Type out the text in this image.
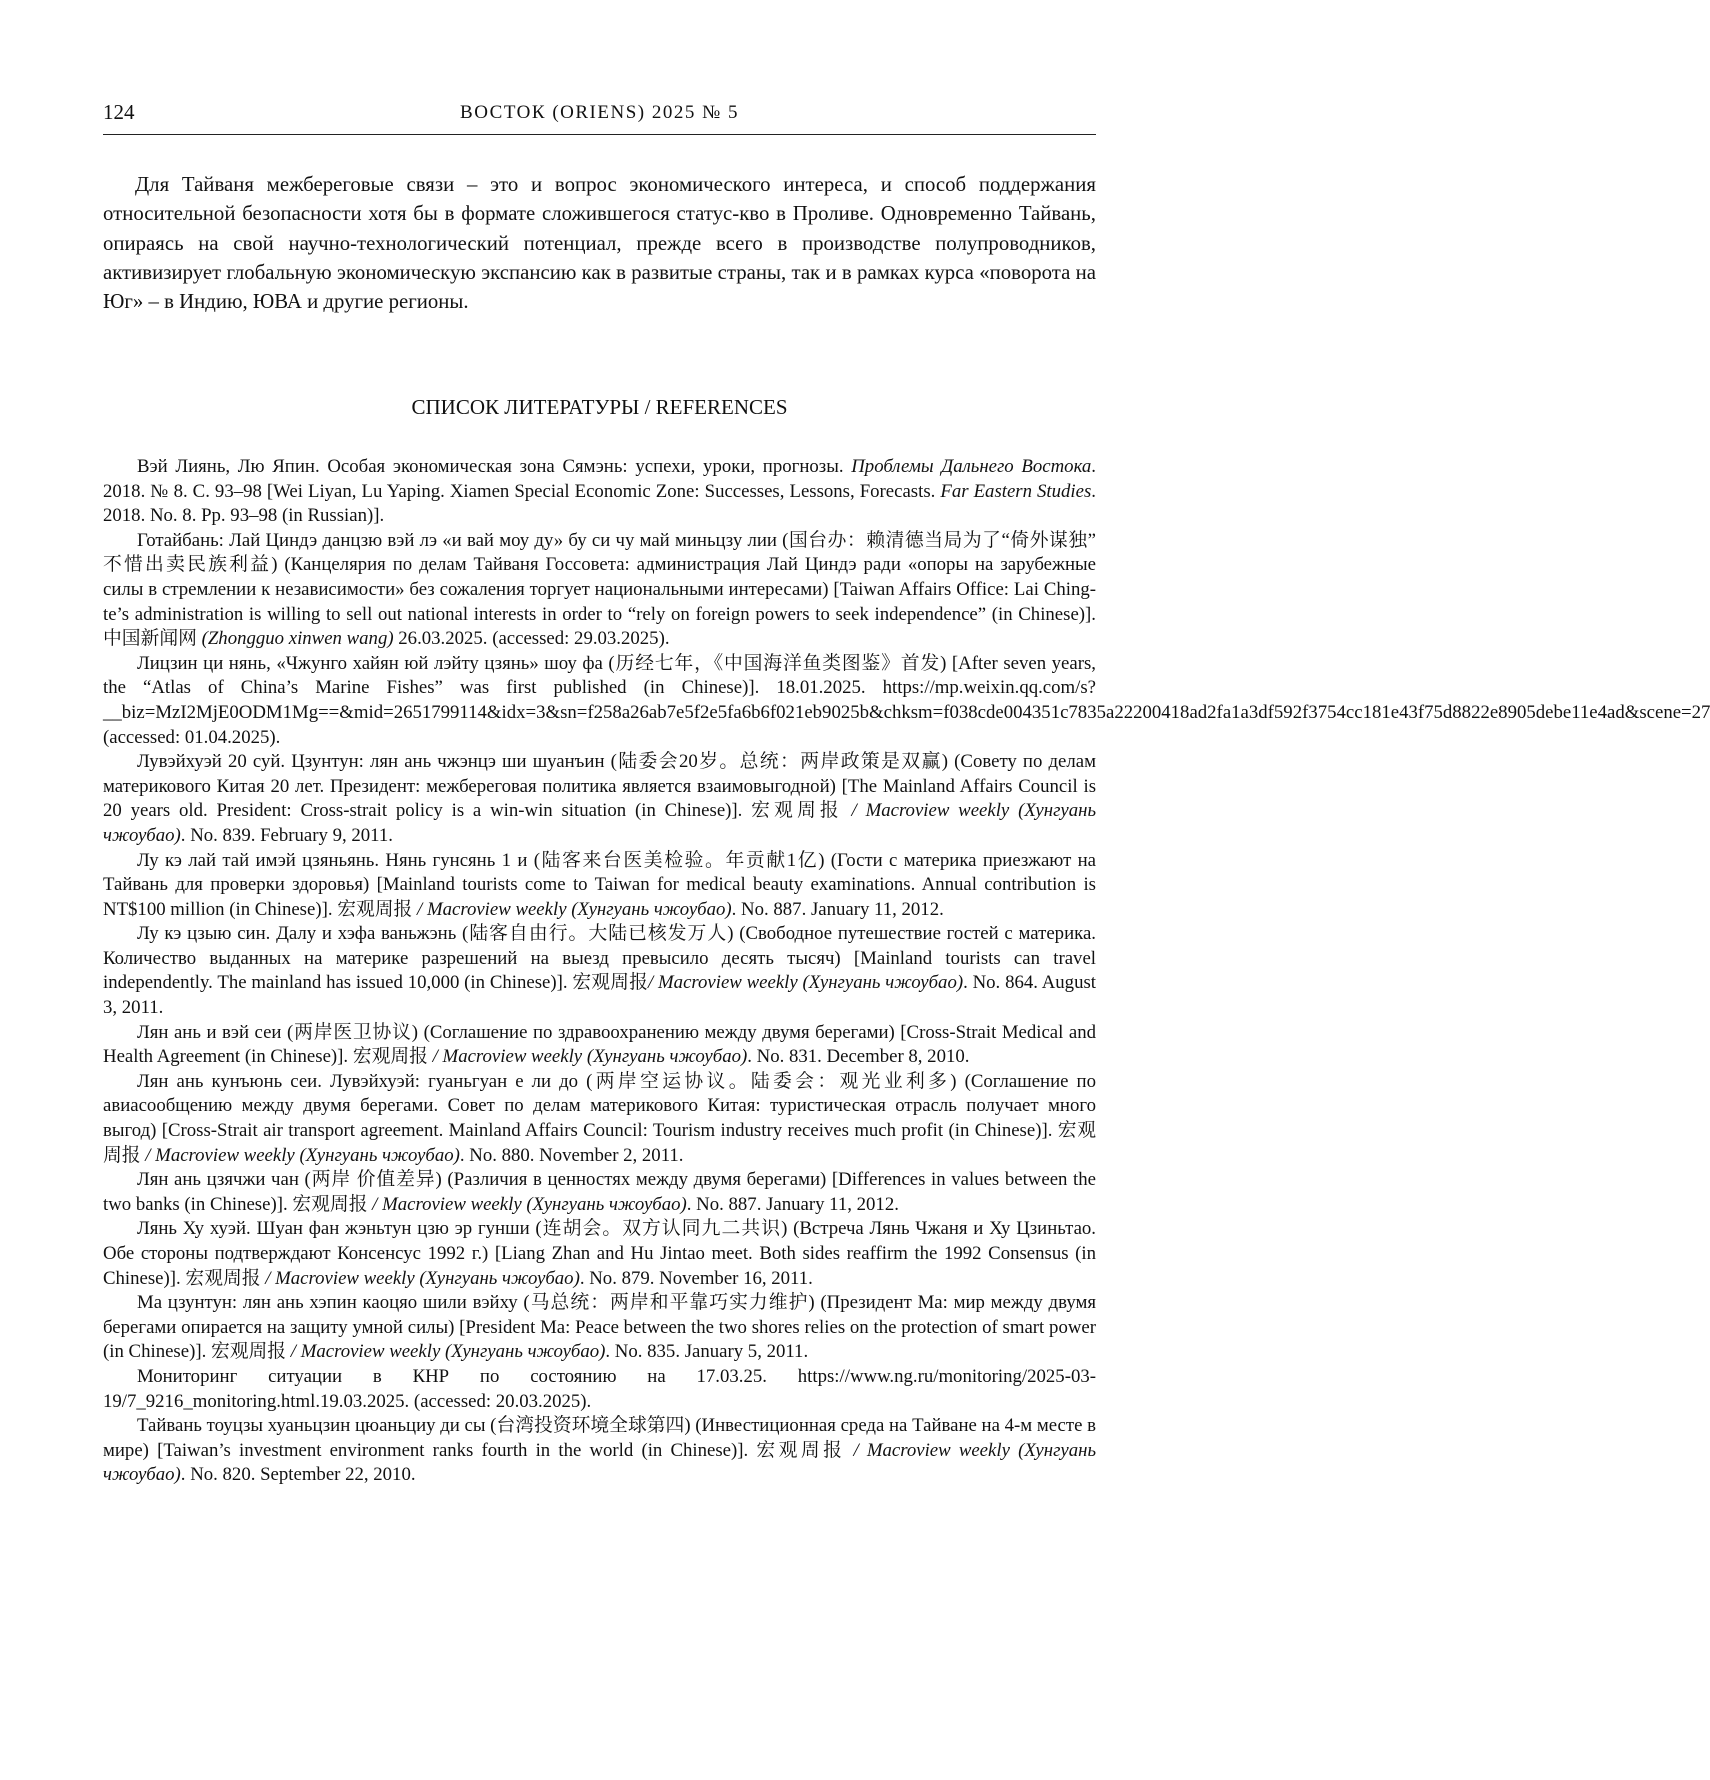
124	ВОСТОК (ORIENS) 2025 № 5

Для Тайваня межбереговые связи – это и вопрос экономического интереса, и способ поддержания относительной безопасности хотя бы в формате сложившегося статус-кво в Проливе. Одновременно Тайвань, опираясь на свой научно-технологический потенциал, прежде всего в производстве полупроводников, активизирует глобальную экономическую экспансию как в развитые страны, так и в рамках курса «поворота на Юг» – в Индию, ЮВА и другие регионы.

СПИСОК ЛИТЕРАТУРЫ / REFERENCES
Вэй Лиянь, Лю Япин. Особая экономическая зона Сямэнь: успехи, уроки, прогнозы. Проблемы Дальнего Востока. 2018. № 8. С. 93–98 [Wei Liyan, Lu Yaping. Xiamen Special Economic Zone: Successes, Lessons, Forecasts. Far Eastern Studies. 2018. No. 8. Pp. 93–98 (in Russian)].
Готайбань: Лай Циндэ данцзю вэй лэ «и вай моу ду» бу си чу май миньцзу лии (国台办：赖清德当局为了“倚外谋独” 不惜出卖民族利益) (Канцелярия по делам Тайваня Госсовета: администрация Лай Циндэ ради «опоры на зарубежные силы в стремлении к независимости» без сожаления торгует национальными интересами) [Taiwan Affairs Office: Lai Ching-te’s administration is willing to sell out national interests in order to “rely on foreign powers to seek independence” (in Chinese)]. 中国新闻网 (Zhongguo xinwen wang) 26.03.2025. (accessed: 29.03.2025).
Лицзин ци нянь, «Чжунго хайян юй лэйту цзянь» шоу фа (历经七年，《中国海洋鱼类图鉴》首发) [After seven years, the “Atlas of China’s Marine Fishes” was first published (in Chinese)]. 18.01.2025. https://mp.weixin.qq.com/s?__biz=MzI2MjE0ODM1Mg==&mid=2651799114&idx=3&sn=f258a26ab7e5f2e5fa6b6f021eb9025b&chksm=f038cde004351c7835a22200418ad2fa1a3df592f3754cc181e43f75d8822e8905debe11e4ad&scene=27 (accessed: 01.04.2025).
Лувэйхуэй 20 суй. Цзунтун: лян ань чжэнцэ ши шуанъин (陆委会20岁。总统：两岸政策是双赢) (Совету по делам материкового Китая 20 лет. Президент: межбереговая политика является взаимовыгодной) [The Mainland Affairs Council is 20 years old. President: Cross-strait policy is a win-win situation (in Chinese)]. 宏观周报 / Macroview weekly (Хунгуань чжоубао). No. 839. February 9, 2011.
Лу кэ лай тай имэй цзяньянь. Нянь гунсянь 1 и (陆客来台医美检验。年贡献1亿) (Гости с материка приезжают на Тайвань для проверки здоровья) [Mainland tourists come to Taiwan for medical beauty examinations. Annual contribution is NT$100 million (in Chinese)]. 宏观周报 / Macroview weekly (Хунгуань чжоубао). No. 887. January 11, 2012.
Лу кэ цзыю син. Далу и хэфа ваньжэнь (陆客自由行。大陆已核发万人) (Свободное путешествие гостей с материка. Количество выданных на материке разрешений на выезд превысило десять тысяч) [Mainland tourists can travel independently. The mainland has issued 10,000 (in Chinese)]. 宏观周报/ Macroview weekly (Хунгуань чжоубао). No. 864. August 3, 2011.
Лян ань и вэй сеи (两岸医卫协议) (Соглашение по здравоохранению между двумя берегами) [Cross-Strait Medical and Health Agreement (in Chinese)]. 宏观周报 / Macroview weekly (Хунгуань чжоубао). No. 831. December 8, 2010.
Лян ань кунъюнь сеи. Лувэйхуэй: гуаньгуан е ли до (两岸空运协议。陆委会：观光业利多) (Соглашение по авиасообщению между двумя берегами. Совет по делам материкового Китая: туристическая отрасль получает много выгод) [Cross-Strait air transport agreement. Mainland Affairs Council: Tourism industry receives much profit (in Chinese)]. 宏观周报 / Macroview weekly (Хунгуань чжоубао). No. 880. November 2, 2011.
Лян ань цзячжи чан (两岸 价值差异) (Различия в ценностях между двумя берегами) [Differences in values between the two banks (in Chinese)]. 宏观周报 / Macroview weekly (Хунгуань чжоубао). No. 887. January 11, 2012.
Лянь Ху хуэй. Шуан фан жэньтун цзю эр гунши (连胡会。双方认同九二共识) (Встреча Лянь Чжаня и Ху Цзиньтао. Обе стороны подтверждают Консенсус 1992 г.) [Liang Zhan and Hu Jintao meet. Both sides reaffirm the 1992 Consensus (in Chinese)]. 宏观周报 / Macroview weekly (Хунгуань чжоубао). No. 879. November 16, 2011.
Ма цзунтун: лян ань хэпин каоцяо шили вэйху (马总统：两岸和平靠巧实力维护) (Президент Ма: мир между двумя берегами опирается на защиту умной силы) [President Ma: Peace between the two shores relies on the protection of smart power (in Chinese)]. 宏观周报 / Macroview weekly (Хунгуань чжоубао). No. 835. January 5, 2011.
Мониторинг ситуации в КНР по состоянию на 17.03.25. https://www.ng.ru/monitoring/2025-03-19/7_9216_monitoring.html.19.03.2025. (accessed: 20.03.2025).
Тайвань тоуцзы хуаньцзин цюаньциу ди сы (台湾投资环境全球第四) (Инвестиционная среда на Тайване на 4-м месте в мире) [Taiwan’s investment environment ranks fourth in the world (in Chinese)]. 宏观周报 / Macroview weekly (Хунгуань чжоубао). No. 820. September 22, 2010.
